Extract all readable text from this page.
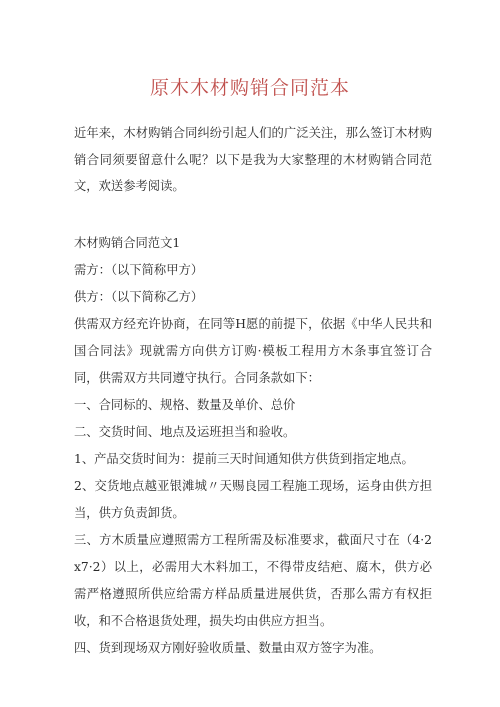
原木木材购销合同范本

近年来，木材购销合同纠纷引起人们的广泛关注，那么签订木材购销合同须要留意什么呢？以下是我为大家整理的木材购销合同范文，欢送参考阅读。

木材购销合同范文1

需方：（以下简称甲方）

供方：（以下简称乙方）

供需双方经充许协商，在同等H愿的前提下，依据《中华人民共和国合同法》现就需方向供方订购·模板工程用方木条事宜签订合同，供需双方共同遵守执行。合同条款如下：

一、合同标的、规格、数量及单价、总价

二、交货时间、地点及运班担当和验收。

1、产品交货时间为：提前三天时间通知供方供货到指定地点。

2、交货地点越亚银滩城〃天赐良园工程施工现场，运身由供方担当，供方负责卸货。

三、方木质量应遵照需方工程所需及标准要求，截面尺寸在（4·2x7·2）以上，必需用大木料加工，不得带皮结疤、腐木，供方必需严格遵照所供应给需方样品质量进展供货，否那么需方有权拒收，和不合格退货处理，损失均由供应方担当。

四、货到现场双方刚好验收质量、数量由双方签字为准。
